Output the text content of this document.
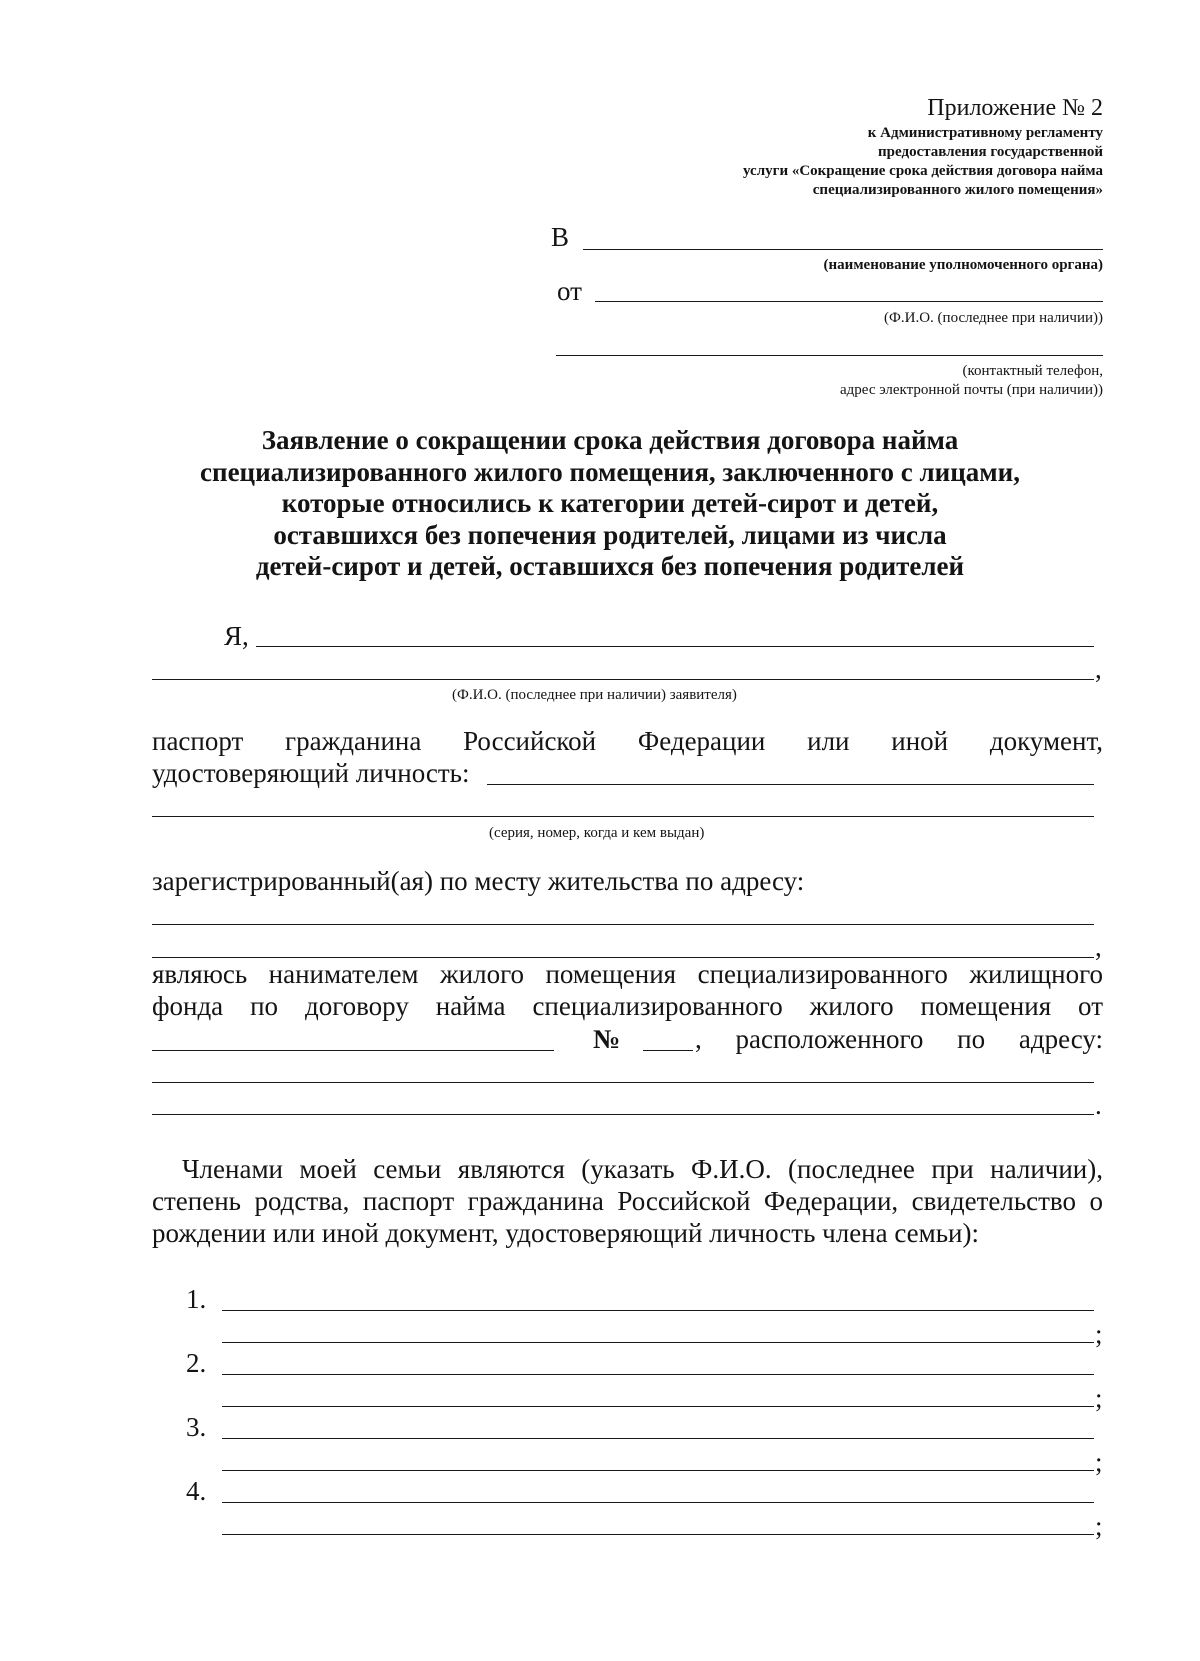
Приложение № 2
к Административному регламенту
предоставления государственной
услуги «Сокращение срока действия договора найма
специализированного жилого помещения»
В
(наименование уполномоченного органа)
от
(Ф.И.О. (последнее при наличии))
(контактный телефон,
адрес электронной почты (при наличии))
Заявление о сокращении срока действия договора найма
специализированного жилого помещения, заключенного с лицами,
которые относились к категории детей-сирот и детей,
оставшихся без попечения родителей, лицами из числа
детей-сирот и детей, оставшихся без попечения родителей
Я,
,
(Ф.И.О. (последнее при наличии) заявителя)
паспорт гражданина Российской Федерации или иной документ,
удостоверяющий личность:
(серия, номер, когда и кем выдан)
зарегистрированный(ая) по месту жительства по адресу:
,
являюсь нанимателем жилого помещения специализированного жилищного
фонда по договору найма специализированного жилого помещения от
№	, расположенного по адресу:
.
Членами моей семьи являются (указать Ф.И.О. (последнее при наличии),
степень родства, паспорт гражданина Российской Федерации, свидетельство о
рождении или иной документ, удостоверяющий личность члена семьи):
1.
;
2.
;
3.
;
4.
;
